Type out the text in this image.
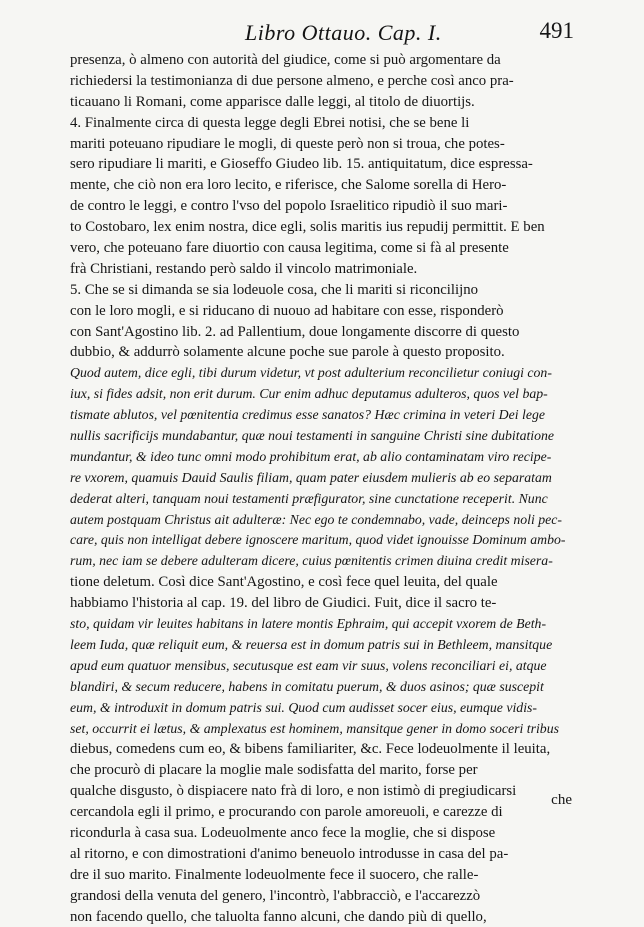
Libro Ottauo. Cap. I.	491
presenza, ò almeno con autorità del giudice, come si può argomentare da
richiedersi la testimonianza di due persone almeno, e perche così anco pra-
ticauano li Romani, come apparisce dalle leggi, al titolo de diuortijs.
4. Finalmente circa di questa legge degli Ebrei notisi, che se bene li
mariti poteuano ripudiare le mogli, di queste però non si troua, che potes-
sero ripudiare li mariti, e Gioseffo Giudeo lib. 15. antiquitatum, dice espressa-
mente, che ciò non era loro lecito, e riferisce, che Salome sorella di Hero-
de contro le leggi, e contro l'vso del popolo Israelitico ripudiò il suo mari-
to Costobaro, lex enim nostra, dice egli, solis maritis ius repudij permittit. E ben
vero, che poteuano fare diuortio con causa legitima, come si fà al presente
frà Christiani, restando però saldo il vincolo matrimoniale.
5. Che se si dimanda se sia lodeuole cosa, che li mariti si riconcilijno
con le loro mogli, e si riducano di nuouo ad habitare con esse, risponderò
con Sant'Agostino lib. 2. ad Pallentium, doue longamente discorre di questo
dubbio, & addurrò solamente alcune poche sue parole à questo proposito.
Quod autem, dice egli, tibi durum videtur, vt post adulterium reconcilietur coniugi con-
iux, si fides adsit, non erit durum. Cur enim adhuc deputamus adulteros, quos vel bap-
tismate ablutos, vel pœnitentia credimus esse sanatos? Hæc crimina in veteri Dei lege
nullis sacrificijs mundabantur, quæ noui testamenti in sanguine Christi sine dubitatione
mundantur, & ideo tunc omni modo prohibitum erat, ab alio contaminatam viro recipe-
re vxorem, quamuis Dauid Saulis filiam, quam pater eiusdem mulieris ab eo separatam
dederat alteri, tanquam noui testamenti præfigurator, sine cunctatione receperit. Nunc
autem postquam Christus ait adulteræ: Nec ego te condemnabo, vade, deinceps noli pec-
care, quis non intelligat debere ignoscere maritum, quod videt ignouisse Dominum ambo-
rum, nec iam se debere adulteram dicere, cuius pœnitentis crimen diuina credit misera-
tione deletum. Così dice Sant'Agostino, e così fece quel leuita, del quale
habbiamo l'historia al cap. 19. del libro de Giudici. Fuit, dice il sacro te-
sto, quidam vir leuites habitans in latere montis Ephraim, qui accepit vxorem de Beth-
leem Iuda, quæ reliquit eum, & reuersa est in domum patris sui in Bethleem, mansitque
apud eum quatuor mensibus, secutusque est eam vir suus, volens reconciliari ei, atque
blandiri, & secum reducere, habens in comitatu puerum, & duos asinos; quæ suscepit
eum, & introduxit in domum patris sui. Quod cum audisset socer eius, eumque vidis-
set, occurrit ei lætus, & amplexatus est hominem, mansitque gener in domo soceri tribus
diebus, comedens cum eo, & bibens familiariter, &c. Fece lodeuolmente il leuita,
che procurò di placare la moglie male sodisfatta del marito, forse per
qualche disgusto, ò dispiacere nato frà di loro, e non istimò di pregiudicarsi
cercandola egli il primo, e procurando con parole amoreuoli, e carezze di
ricondurla à casa sua. Lodeuolmente anco fece la moglie, che si dispose
al ritorno, e con dimostrationi d'animo beneuolo introdusse in casa del pa-
dre il suo marito. Finalmente lodeuolmente fece il suocero, che ralle-
grandosi della venuta del genero, l'incontrò, l'abbracciò, e l'accarezzò
non facendo quello, che taluolta fanno alcuni, che dando più di quello,
che
